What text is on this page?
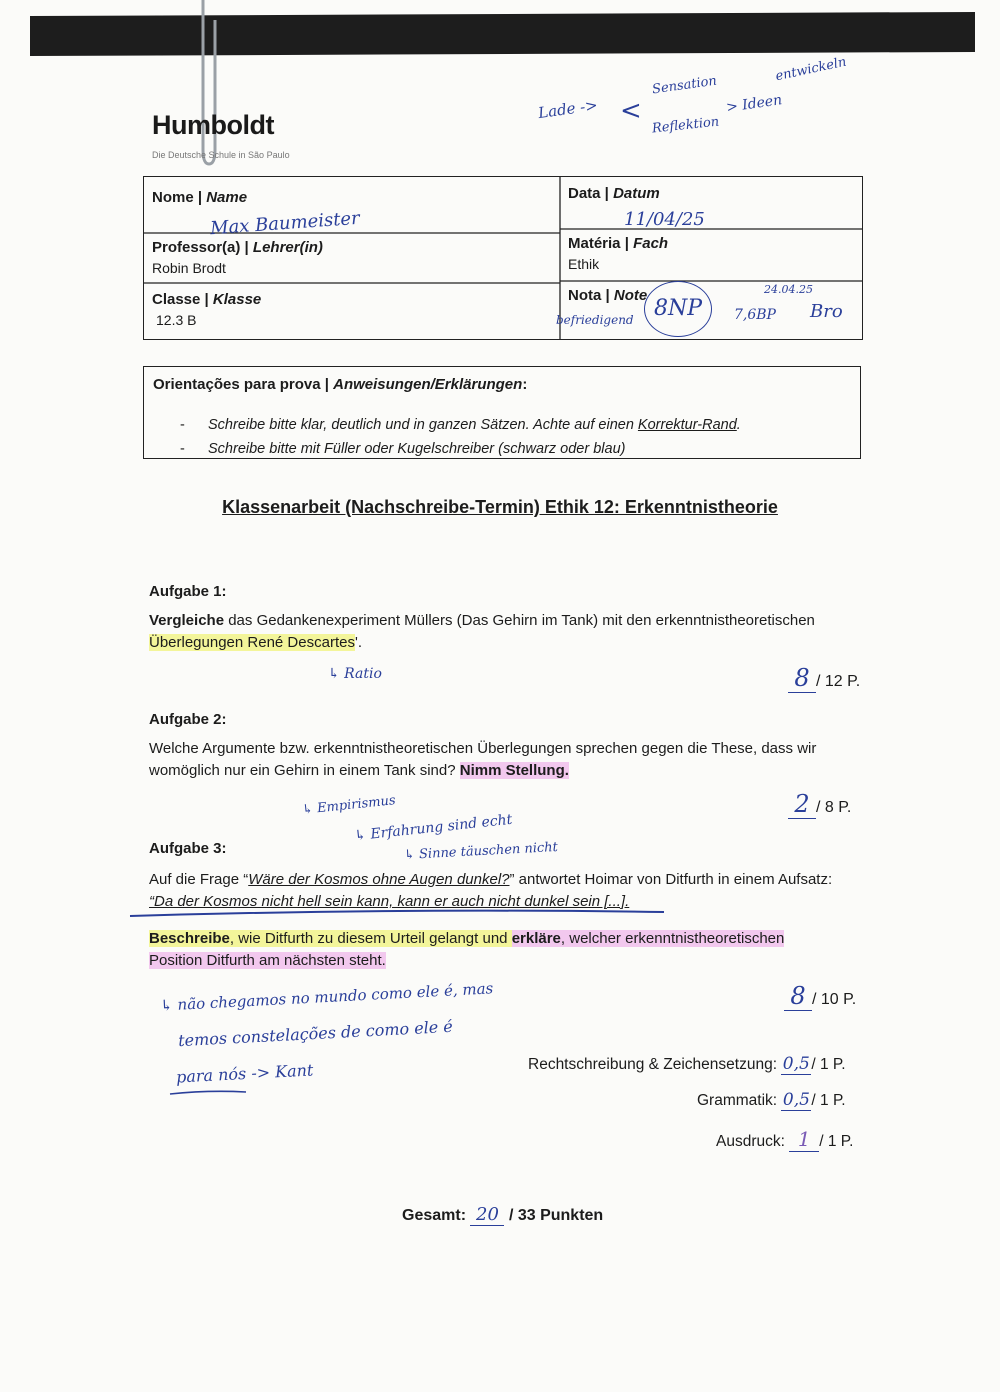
Humboldt
Die Deutsche Schule in São Paulo
Lade -> <
Sensation
Reflektion
entwickeln
> Ideen
Nome | Name
Max Baumeister
Professor(a) | Lehrer(in)
Robin Brodt
Classe | Klasse
12.3 B
Data | Datum
11/04/25
Matéria | Fach
Ethik
Nota | Note
befriedigend 8NP
24.04.25
7,6BP Bro
Orientações para prova | Anweisungen/Erklärungen:
- Schreibe bitte klar, deutlich und in ganzen Sätzen. Achte auf einen Korrektur-Rand.
- Schreibe bitte mit Füller oder Kugelschreiber (schwarz oder blau)
Klassenarbeit (Nachschreibe-Termin) Ethik 12: Erkenntnistheorie
Aufgabe 1:
Vergleiche das Gedankenexperiment Müllers (Das Gehirn im Tank) mit den erkenntnistheoretischen
Überlegungen René Descartes'.
↳ Ratio	8 / 12 P.
Aufgabe 2:
Welche Argumente bzw. erkenntnistheoretischen Überlegungen sprechen gegen die These, dass wir
womöglich nur ein Gehirn in einem Tank sind? Nimm Stellung.
↳ Empirismus
↳ Erfahrung sind echt
↳ Sinne täuschen nicht
2 / 8 P.
Aufgabe 3:
Auf die Frage “Wäre der Kosmos ohne Augen dunkel?” antwortet Hoimar von Ditfurth in einem Aufsatz:
“Da der Kosmos nicht hell sein kann, kann er auch nicht dunkel sein [...].
Beschreibe, wie Ditfurth zu diesem Urteil gelangt und erkläre, welcher erkenntnistheoretischen
Position Ditfurth am nächsten steht.
↳ não chegamos no mundo como ele é, mas
temos constelações de como ele é
para nós -> Kant
8 / 10 P.
Rechtschreibung & Zeichensetzung: 0,5/ 1 P.
Grammatik: 0,5/ 1 P.
Ausdruck: 1 / 1 P.
Gesamt: 20 / 33 Punkten
